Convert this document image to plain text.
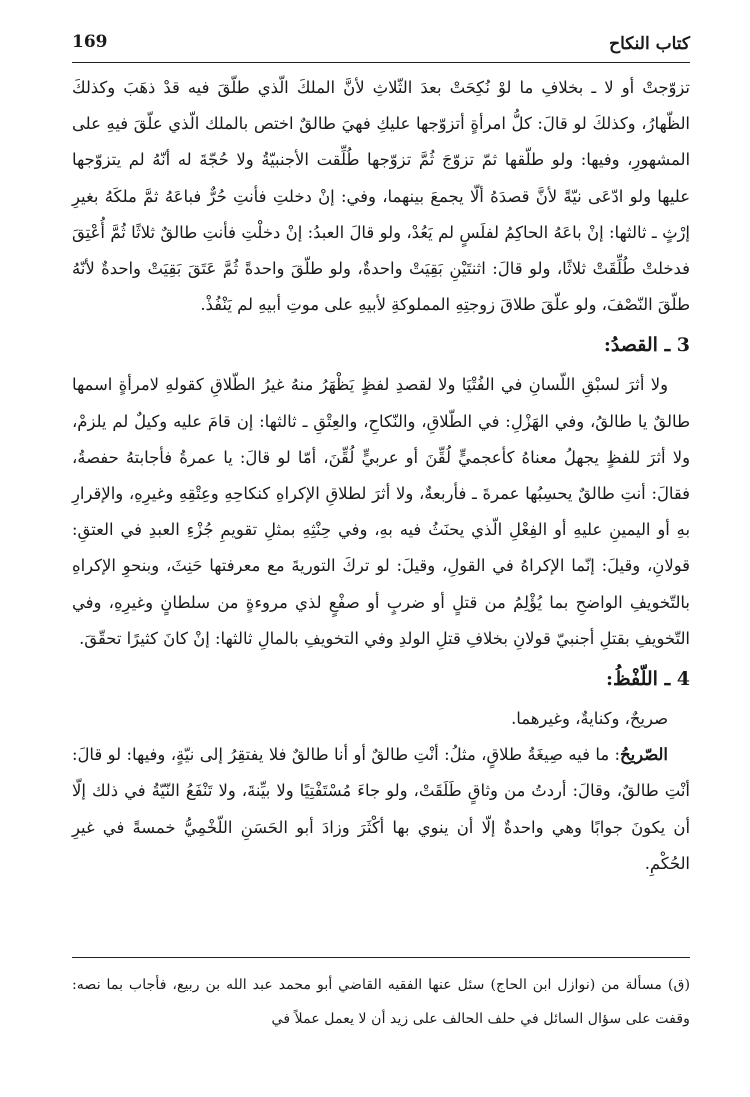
169	كتاب النكاح

تزوّجتْ أو لا ـ بخلافِ ما لوْ نُكِحَتْ بعدَ الثّلاثِ لأنَّ الملكَ الّذي طلّقَ فيه قدْ ذهَبَ وكذلكَ الظّهارُ، وكذلكَ لو قالَ: كلُّ امرأةٍ أتزوّجها عليكِ فهيَ طالقٌ اختص بالملك الّذي علّقَ فيهِ على المشهورِ، وفيها: ولو طلّقها ثمّ تزوّجَ ثُمَّ تزوّجها طُلِّقت الأجنبيّةُ ولا حُجّةَ له أنّهُ لم يتزوّجها عليها ولو ادّعَى نيّةً لأنَّ قصدَهُ ألّا يجمعَ بينهما، وفي: إنْ دخلتِ فأنتِ حُرٌّ فباعَهُ ثمَّ ملكَهُ بغيرِ إرْثٍ ـ ثالثها: إنْ باعَهُ الحاكِمُ لفلَسٍ لم يَعُدْ، ولو قالَ العبدُ: إنْ دخلْتِ فأنتِ طالقٌ ثلاثًا ثُمَّ أُعْتِقَ فدخلتْ طُلِّقَتْ ثلاثًا، ولو قالَ: اثنتَيْنِ بَقِيَتْ واحدةٌ، ولو طلّقَ واحدةً ثُمَّ عَتَقَ بَقِيَتْ واحدةٌ لأنّهُ طلّقَ النّصْفَ، ولو علّقَ طلاقَ زوجتِهِ المملوكةِ لأبيهِ على موتِ أبيهِ لم يَنْفُذْ.

3 ـ القصدُ:

ولا أثرَ لسبْقِ اللّسانِ في الفُتْيَا ولا لقصدِ لفظٍ يَظْهَرُ منهُ غيرُ الطّلاقِ كقولهِ لامرأةٍ اسمها طالقٌ يا طالقُ، وفي الهَزْلِ: في الطّلاقِ، والنّكاحِ، والعِتْقِ ـ ثالثها: إن قامَ عليه وكيلٌ لم يلزمْ، ولا أثرَ للفظٍ يجهلُ معناهُ كأعجميٍّ لُقِّنَ أو عربيٍّ لُقِّنَ، أمّا لو قالَ: يا عمرةُ فأجابتهُ حفصةُ، فقالَ: أنتِ طالقٌ يحسِبُها عمرةَ ـ فأربعةٌ، ولا أثرَ لطلاقِ الإكراهِ كنكاحِهِ وعِتْقِهِ وغيرِهِ، والإقرارِ بهِ أو اليمينِ عليهِ أو الفِعْلِ الّذي يحنَثُ فيه بهِ، وفي حِنْثِهِ بمثلِ تقويمِ جُزْءِ العبدِ في العتقِ: قولانِ، وقيلَ: إنّما الإكراهُ في القولِ، وقيلَ: لو تركَ التوريةَ مع معرفتها حَنِثَ، وبنحوِ الإكراهِ بالتّخويفِ الواضحِ بما يُؤْلِمُ من قتلٍ أو ضربٍ أو صفْعٍ لذي مروءةٍ من سلطانٍ وغيرِهِ، وفي التّخويفِ بقتلِ أجنبيّ قولانِ بخلافِ قتلِ الولدِ وفي التخويفِ بالمالِ ثالثها: إنْ كانَ كثيرًا تحقّقَ.

4 ـ اللّفْظُ:

صريحٌ، وكنايةٌ، وغيرهما.

الصّريحُ: ما فيه صِيغَةُ طلاقٍ، مثلُ: أنْتِ طالقٌ أو أنا طالقٌ فلا يفتقِرُ إلى نيّةٍ، وفيها: لو قالَ: أنْتِ طالقٌ، وقالَ: أردتُ من وثاقٍ طَلَقَتْ، ولو جاءَ مُسْتَفْتِيًا ولا بيِّنةَ، ولا تَنْفَعُ النّيّةُ في ذلك إلّا أن يكونَ جوابًا وهي واحدةٌ إلّا أن ينوي بها أكْثَرَ وزادَ أبو الحَسَنِ اللّخْمِيُّ خمسةً في غيرِ الحُكْمِ.

(ق) مسألة من (نوازل ابن الحاج) سئل عنها الفقيه القاضي أبو محمد عبد الله بن ربيع، فأجاب بما نصه: وقفت على سؤال السائل في حلف الحالف على زيد أن لا يعمل عملاً في
